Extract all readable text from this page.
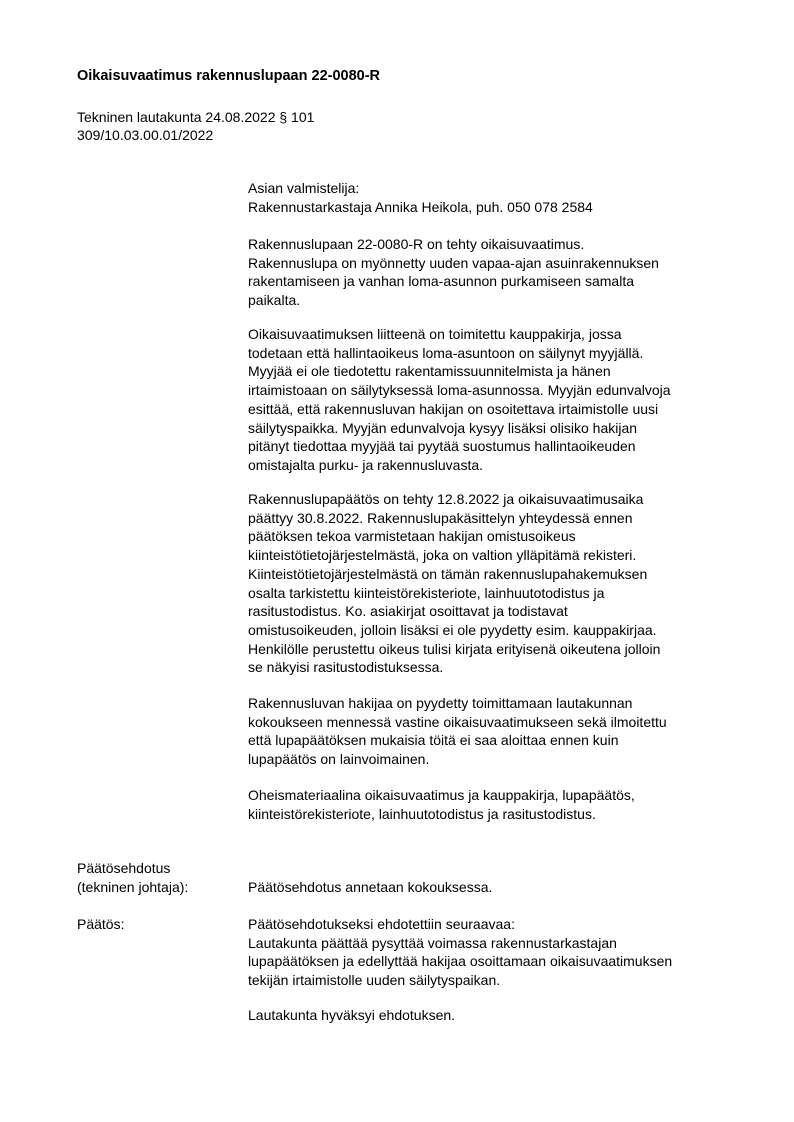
Oikaisuvaatimus rakennuslupaan 22-0080-R
Tekninen lautakunta 24.08.2022 § 101
309/10.03.00.01/2022
Asian valmistelija:
Rakennustarkastaja Annika Heikola, puh. 050 078 2584
Rakennuslupaan 22-0080-R on tehty oikaisuvaatimus.
Rakennuslupa on myönnetty uuden vapaa-ajan asuinrakennuksen
rakentamiseen ja vanhan loma-asunnon purkamiseen samalta
paikalta.
Oikaisuvaatimuksen liitteenä on toimitettu kauppakirja, jossa
todetaan että hallintaoikeus loma-asuntoon on säilynyt myyjällä.
Myyjää ei ole tiedotettu rakentamissuunnitelmista ja hänen
irtaimistoaan on säilytyksessä loma-asunnossa. Myyjän edunvalvoja
esittää, että rakennusluvan hakijan on osoitettava irtaimistolle uusi
säilytyspaikka. Myyjän edunvalvoja kysyy lisäksi olisiko hakijan
pitänyt tiedottaa myyjää tai pyytää suostumus hallintaoikeuden
omistajalta purku- ja rakennusluvasta.
Rakennuslupapäätös on tehty 12.8.2022 ja oikaisuvaatimusaika
päättyy 30.8.2022. Rakennuslupakäsittelyn yhteydessä ennen
päätöksen tekoa varmistetaan hakijan omistusoikeus
kiinteistötietojärjestelmästä, joka on valtion ylläpitämä rekisteri.
Kiinteistötietojärjestelmästä on tämän rakennuslupahakemuksen
osalta tarkistettu kiinteistörekisteriote, lainhuutotodistus ja
rasitustodistus. Ko. asiakirjat osoittavat ja todistavat
omistusoikeuden, jolloin lisäksi ei ole pyydetty esim. kauppakirjaa.
Henkilölle perustettu oikeus tulisi kirjata erityisenä oikeutena jolloin
se näkyisi rasitustodistuksessa.
Rakennusluvan hakijaa on pyydetty toimittamaan lautakunnan
kokoukseen mennessä vastine oikaisuvaatimukseen sekä ilmoitettu
että lupapäätöksen mukaisia töitä ei saa aloittaa ennen kuin
lupapäätös on lainvoimainen.
Oheismateriaalina oikaisuvaatimus ja kauppakirja, lupapäätös,
kiinteistörekisteriote, lainhuutotodistus ja rasitustodistus.
Päätösehdotus
(tekninen johtaja):	Päätösehdotus annetaan kokouksessa.
Päätös:	Päätösehdotukseksi ehdotettiin seuraavaa:
Lautakunta päättää pysyttää voimassa rakennustarkastajan
lupapäätöksen ja edellyttää hakijaa osoittamaan oikaisuvaatimuksen
tekijän irtaimistolle uuden säilytyspaikan.
Lautakunta hyväksyi ehdotuksen.
